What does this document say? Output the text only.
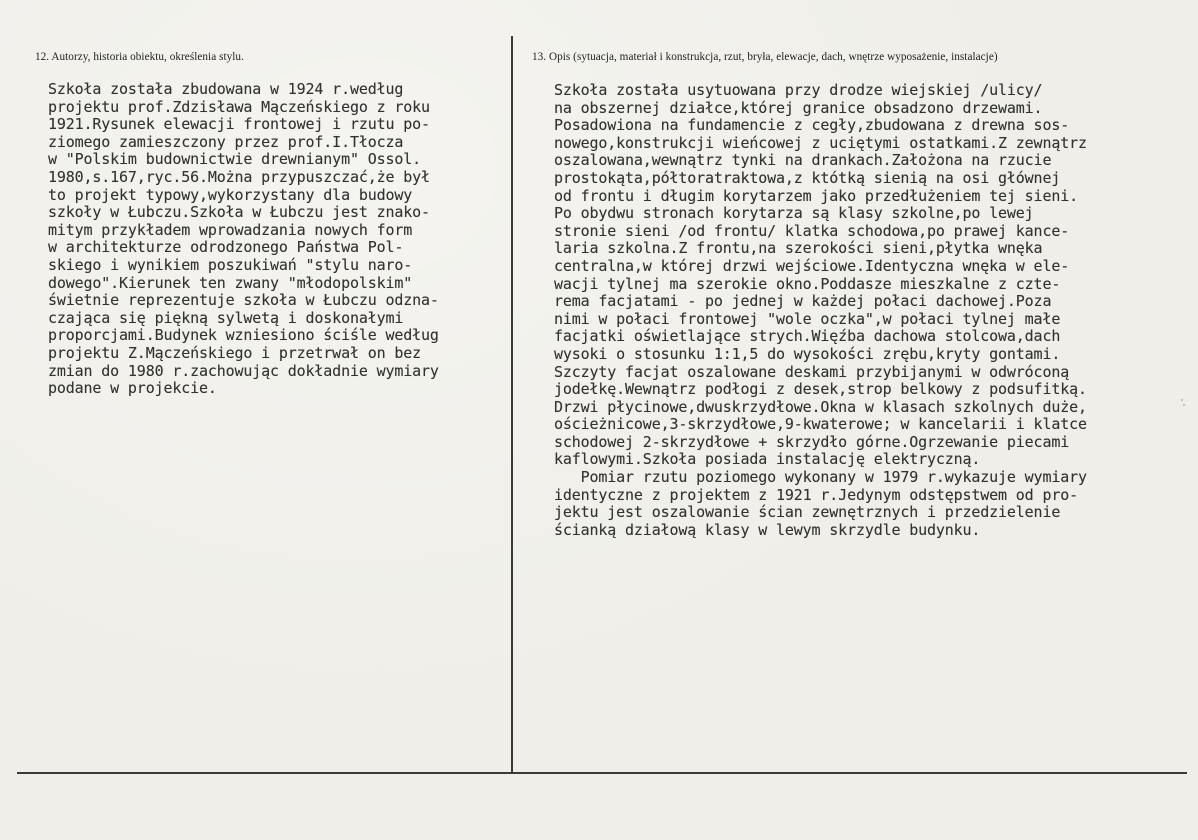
12. Autorzy, historia obiektu, określenia stylu.	13. Opis (sytuacja, materiał i konstrukcja, rzut, bryła, elewacje, dach, wnętrze wyposażenie, instalacje)
Szkoła została zbudowana w 1924 r.według
projektu prof.Zdzisława Mączeńskiego z roku
1921.Rysunek elewacji frontowej i rzutu po-
ziomego zamieszczony przez prof.I.Tłocza
w "Polskim budownictwie drewnianym" Ossol.
1980,s.167,ryc.56.Można przypuszczać,że był
to projekt typowy,wykorzystany dla budowy
szkoły w Łubczu.Szkoła w Łubczu jest znako-
mitym przykładem wprowadzania nowych form
w architekturze odrodzonego Państwa Pol-
skiego i wynikiem poszukiwań "stylu naro-
dowego".Kierunek ten zwany "młodopolskim"
świetnie reprezentuje szkoła w Łubczu odzna-
czająca się piękną sylwetą i doskonałymi
proporcjami.Budynek wzniesiono ściśle według
projektu Z.Mączeńskiego i przetrwał on bez
zmian do 1980 r.zachowując dokładnie wymiary
podane w projekcie.
Szkoła została usytuowana przy drodze wiejskiej /ulicy/
na obszernej działce,której granice obsadzono drzewami.
Posadowiona na fundamencie z cegły,zbudowana z drewna sos-
nowego,konstrukcji wieńcowej z uciętymi ostatkami.Z zewnątrz
oszalowana,wewnątrz tynki na drankach.Założona na rzucie
prostokąta,półtoratraktowa,z któtką sienią na osi głównej
od frontu i długim korytarzem jako przedłużeniem tej sieni.
Po obydwu stronach korytarza są klasy szkolne,po lewej
stronie sieni /od frontu/ klatka schodowa,po prawej kance-
laria szkolna.Z frontu,na szerokości sieni,płytka wnęka
centralna,w której drzwi wejściowe.Identyczna wnęka w ele-
wacji tylnej ma szerokie okno.Poddasze mieszkalne z czte-
rema facjatami - po jednej w każdej połaci dachowej.Poza
nimi w połaci frontowej "wole oczka",w połaci tylnej małe
facjatki oświetlające strych.Więźba dachowa stolcowa,dach
wysoki o stosunku 1:1,5 do wysokości zrębu,kryty gontami.
Szczyty facjat oszalowane deskami przybijanymi w odwróconą
jodełkę.Wewnątrz podłogi z desek,strop belkowy z podsufitką.
Drzwi płycinowe,dwuskrzydłowe.Okna w klasach szkolnych duże,
ościeżnicowe,3-skrzydłowe,9-kwaterowe; w kancelarii i klatce
schodowej 2-skrzydłowe + skrzydło górne.Ogrzewanie piecami
kaflowymi.Szkoła posiada instalację elektryczną.
Pomiar rzutu poziomego wykonany w 1979 r.wykazuje wymiary
identyczne z projektem z 1921 r.Jedynym odstępstwem od pro-
jektu jest oszalowanie ścian zewnętrznych i przedzielenie
ścianką działową klasy w lewym skrzydle budynku.
